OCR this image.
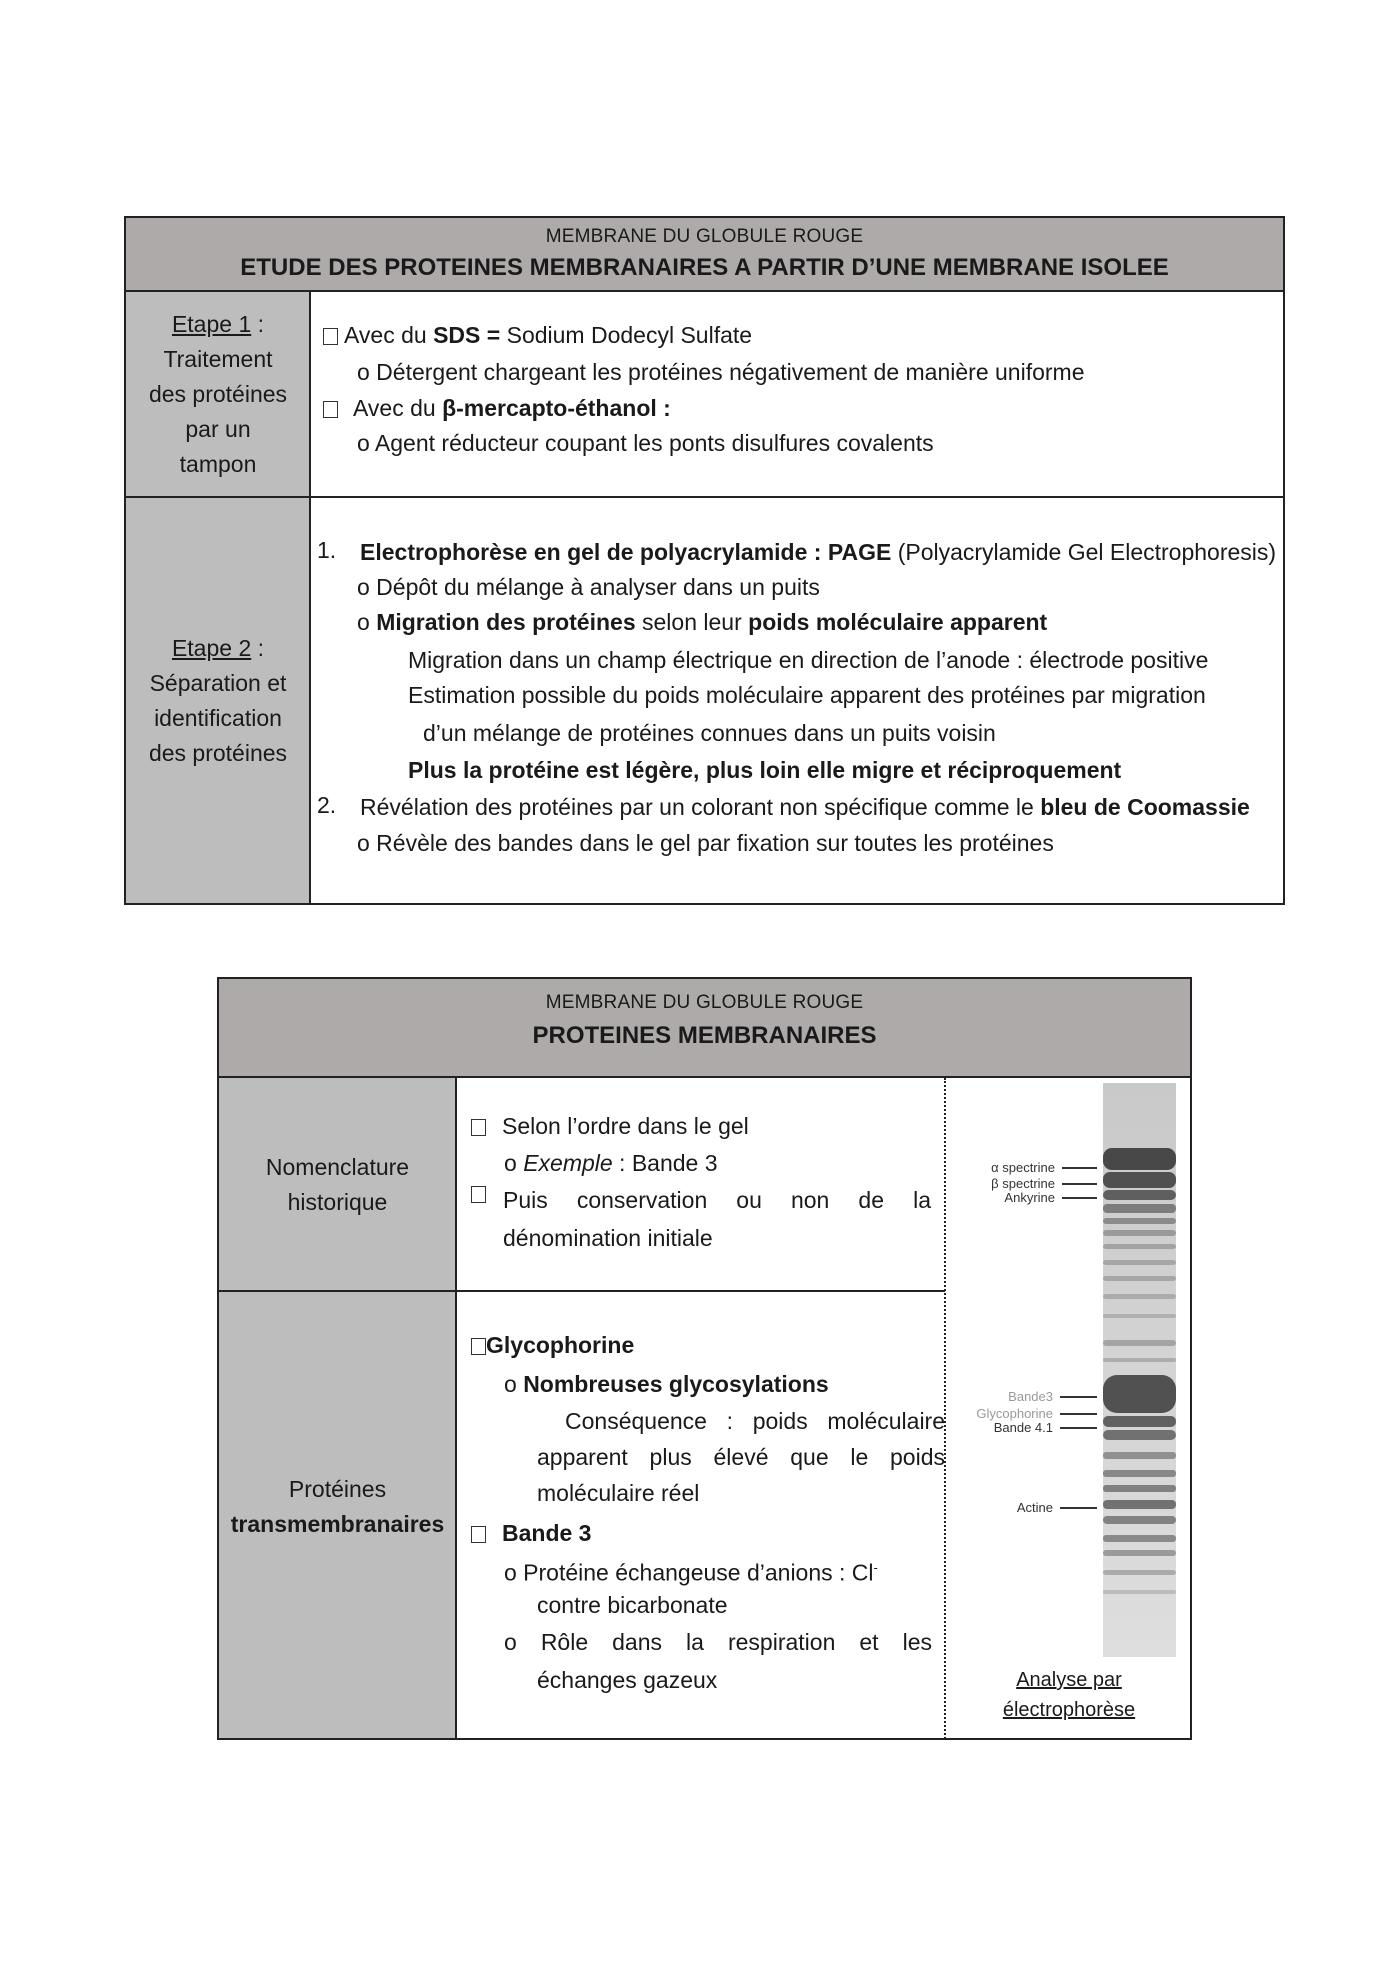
MEMBRANE DU GLOBULE ROUGE
ETUDE DES PROTEINES MEMBRANAIRES A PARTIR D’UNE MEMBRANE ISOLEE
Etape 1 :
Traitement
des protéines
par un
tampon
Etape 2 :
Séparation et
identification
des protéines
Avec du SDS = Sodium Dodecyl Sulfate
o Détergent chargeant les protéines négativement de manière uniforme
Avec du β-mercapto-éthanol :
o Agent réducteur coupant les ponts disulfures covalents
1. Electrophorèse en gel de polyacrylamide : PAGE (Polyacrylamide Gel Electrophoresis)
o Dépôt du mélange à analyser dans un puits
o Migration des protéines selon leur poids moléculaire apparent
Migration dans un champ électrique en direction de l’anode : électrode positive
Estimation possible du poids moléculaire apparent des protéines par migration
d’un mélange de protéines connues dans un puits voisin
Plus la protéine est légère, plus loin elle migre et réciproquement
2. Révélation des protéines par un colorant non spécifique comme le bleu de Coomassie
o Révèle des bandes dans le gel par fixation sur toutes les protéines
MEMBRANE DU GLOBULE ROUGE
PROTEINES MEMBRANAIRES
Nomenclature
historique
Protéines
transmembranaires
Selon l’ordre dans le gel
o Exemple : Bande 3
Puis conservation ou non de la
dénomination initiale
Glycophorine
o Nombreuses glycosylations
Conséquence : poids moléculaire
apparent plus élevé que le poids
moléculaire réel
Bande 3
o Protéine échangeuse d’anions : Cl-
contre bicarbonate
o Rôle dans la respiration et les
échanges gazeux
α spectrine
β spectrine
Ankyrine
Bande3
Glycophorine
Bande 4.1
Actine
Analyse par
électrophorèse
